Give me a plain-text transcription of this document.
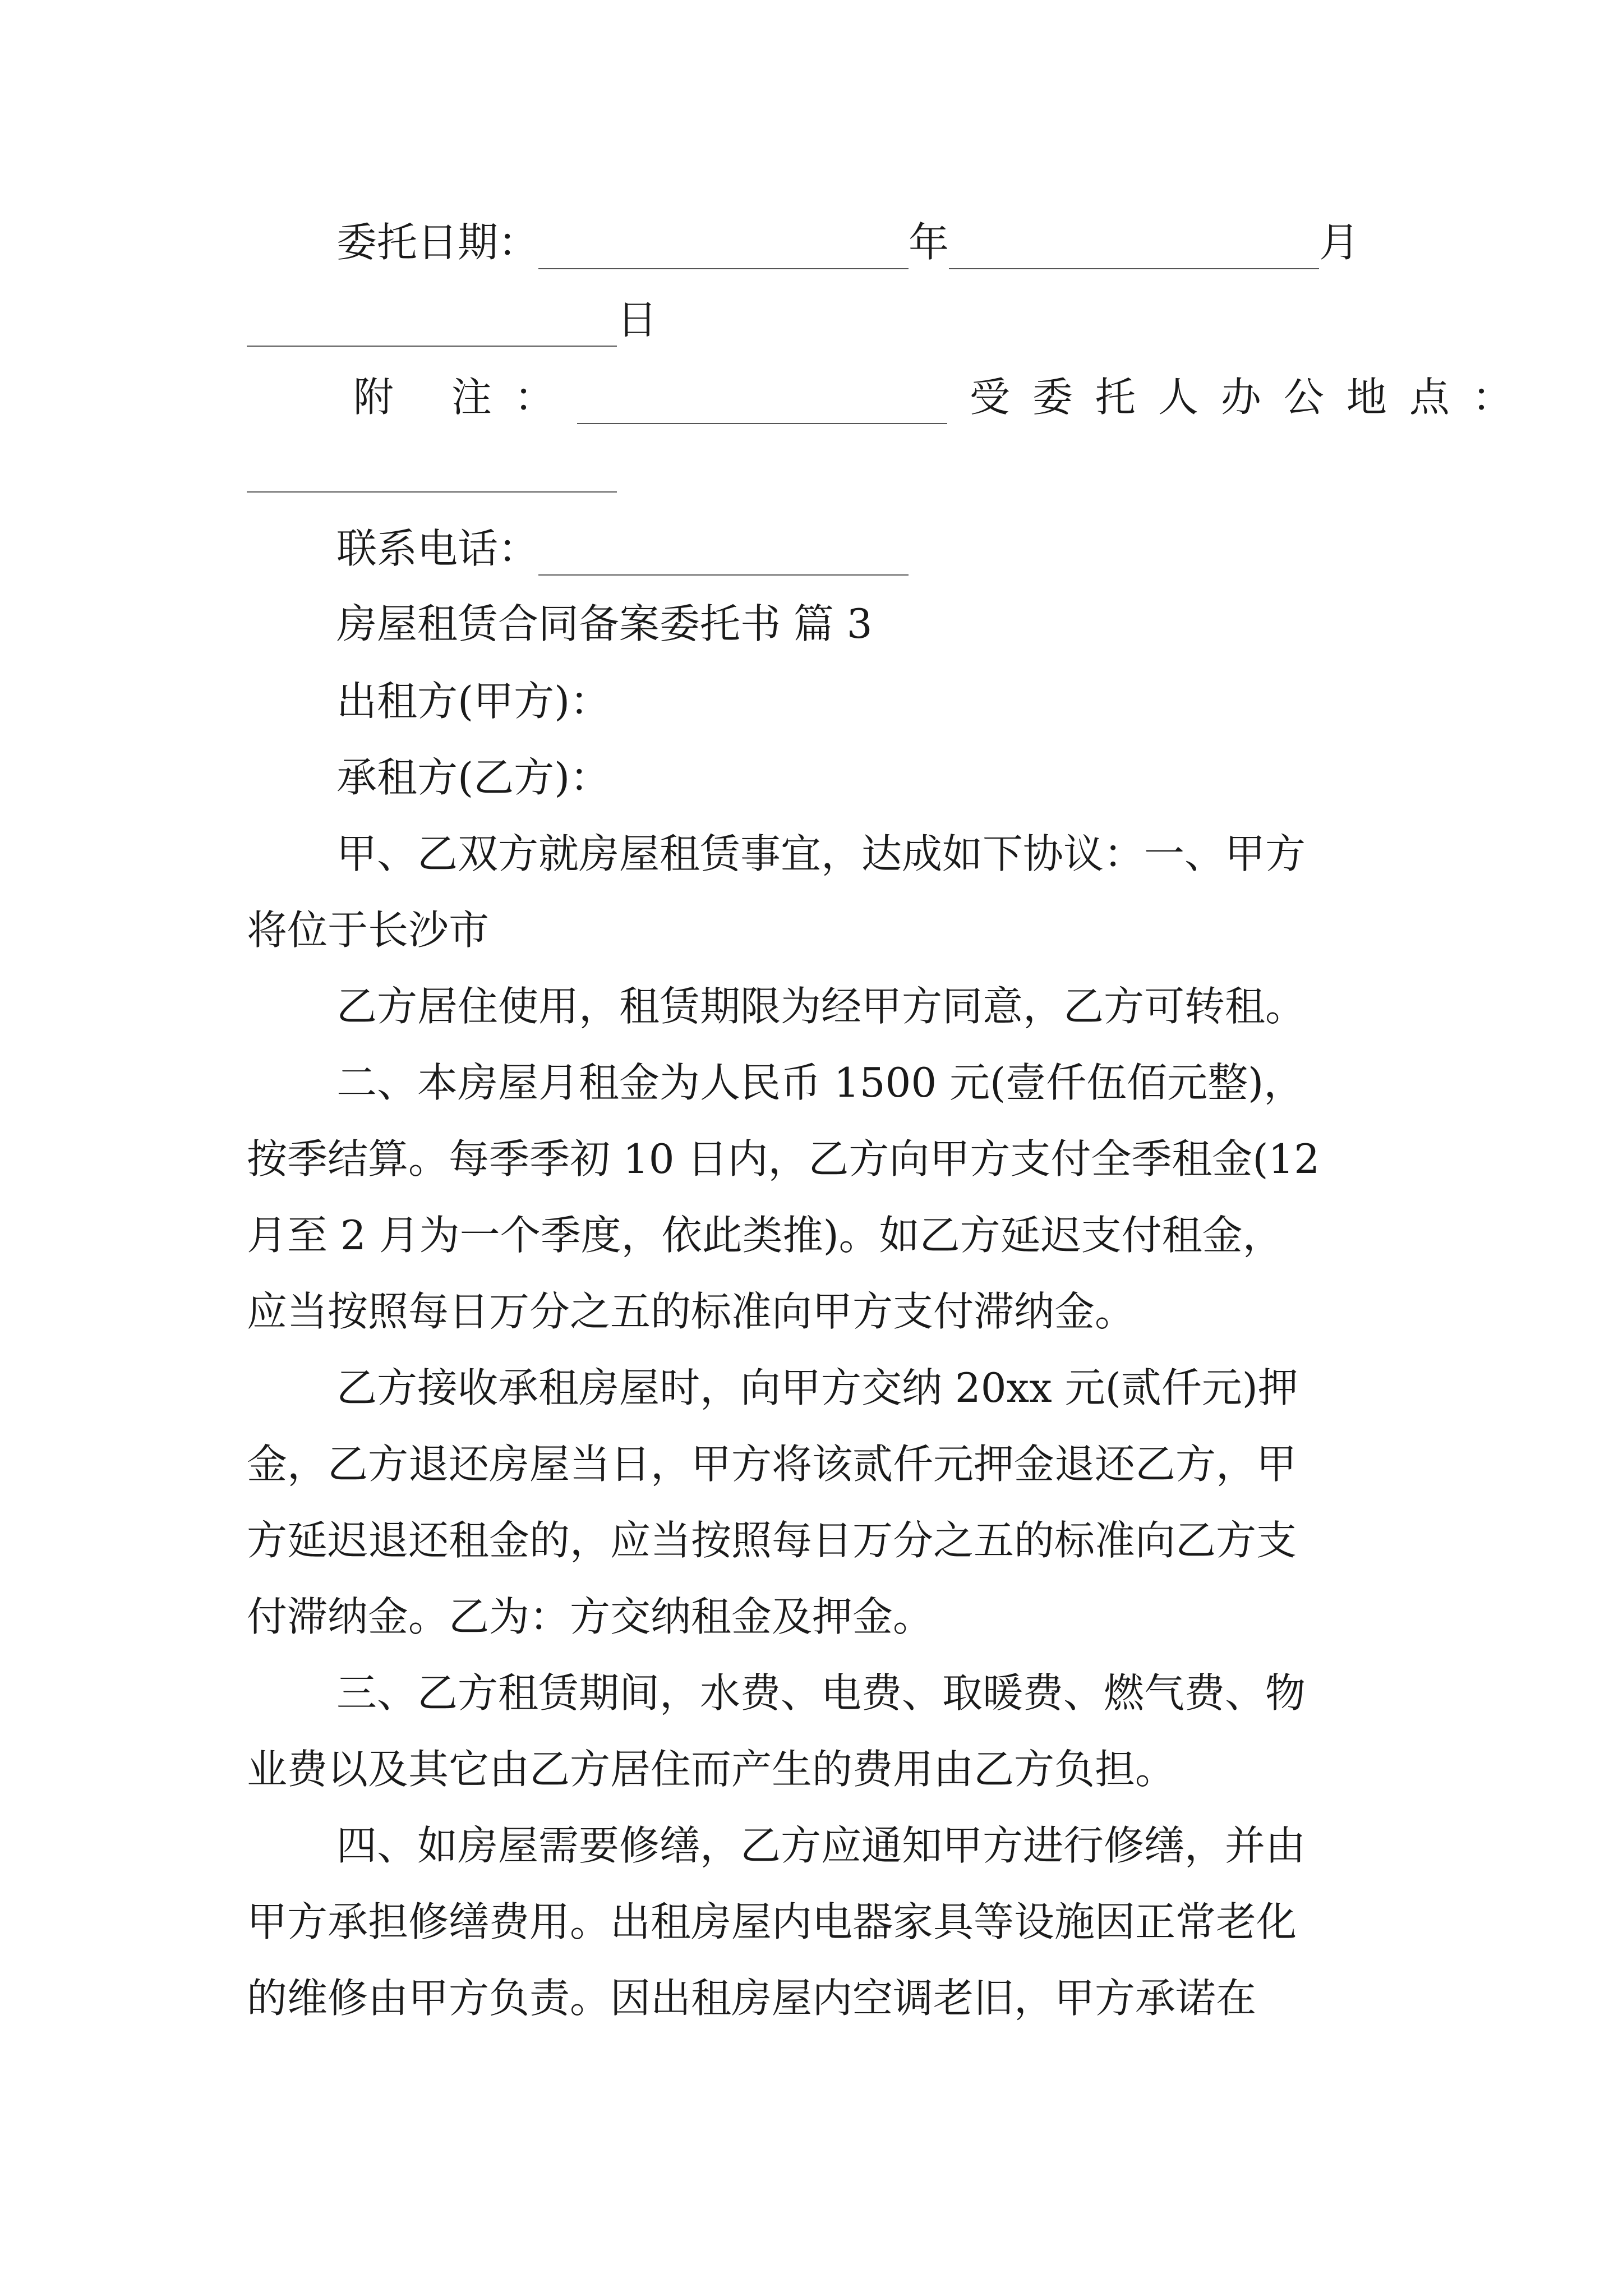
委托日期：	年	月
日
附 注：	受委托人办公地点：
联系电话：
房屋租赁合同备案委托书 篇 3
出租方(甲方)：
承租方(乙方)：
甲、乙双方就房屋租赁事宜，达成如下协议：一、甲方
将位于长沙市
乙方居住使用，租赁期限为经甲方同意，乙方可转租。
二、本房屋月租金为人民币 1500 元(壹仟伍佰元整)，
按季结算。每季季初 10 日内，乙方向甲方支付全季租金(12
月至 2 月为一个季度，依此类推)。如乙方延迟支付租金，
应当按照每日万分之五的标准向甲方支付滞纳金。
乙方接收承租房屋时，向甲方交纳 20xx 元(贰仟元)押
金，乙方退还房屋当日，甲方将该贰仟元押金退还乙方，甲
方延迟退还租金的，应当按照每日万分之五的标准向乙方支
付滞纳金。乙为：方交纳租金及押金。
三、乙方租赁期间，水费、电费、取暖费、燃气费、物
业费以及其它由乙方居住而产生的费用由乙方负担。
四、如房屋需要修缮，乙方应通知甲方进行修缮，并由
甲方承担修缮费用。出租房屋内电器家具等设施因正常老化
的维修由甲方负责。因出租房屋内空调老旧，甲方承诺在
